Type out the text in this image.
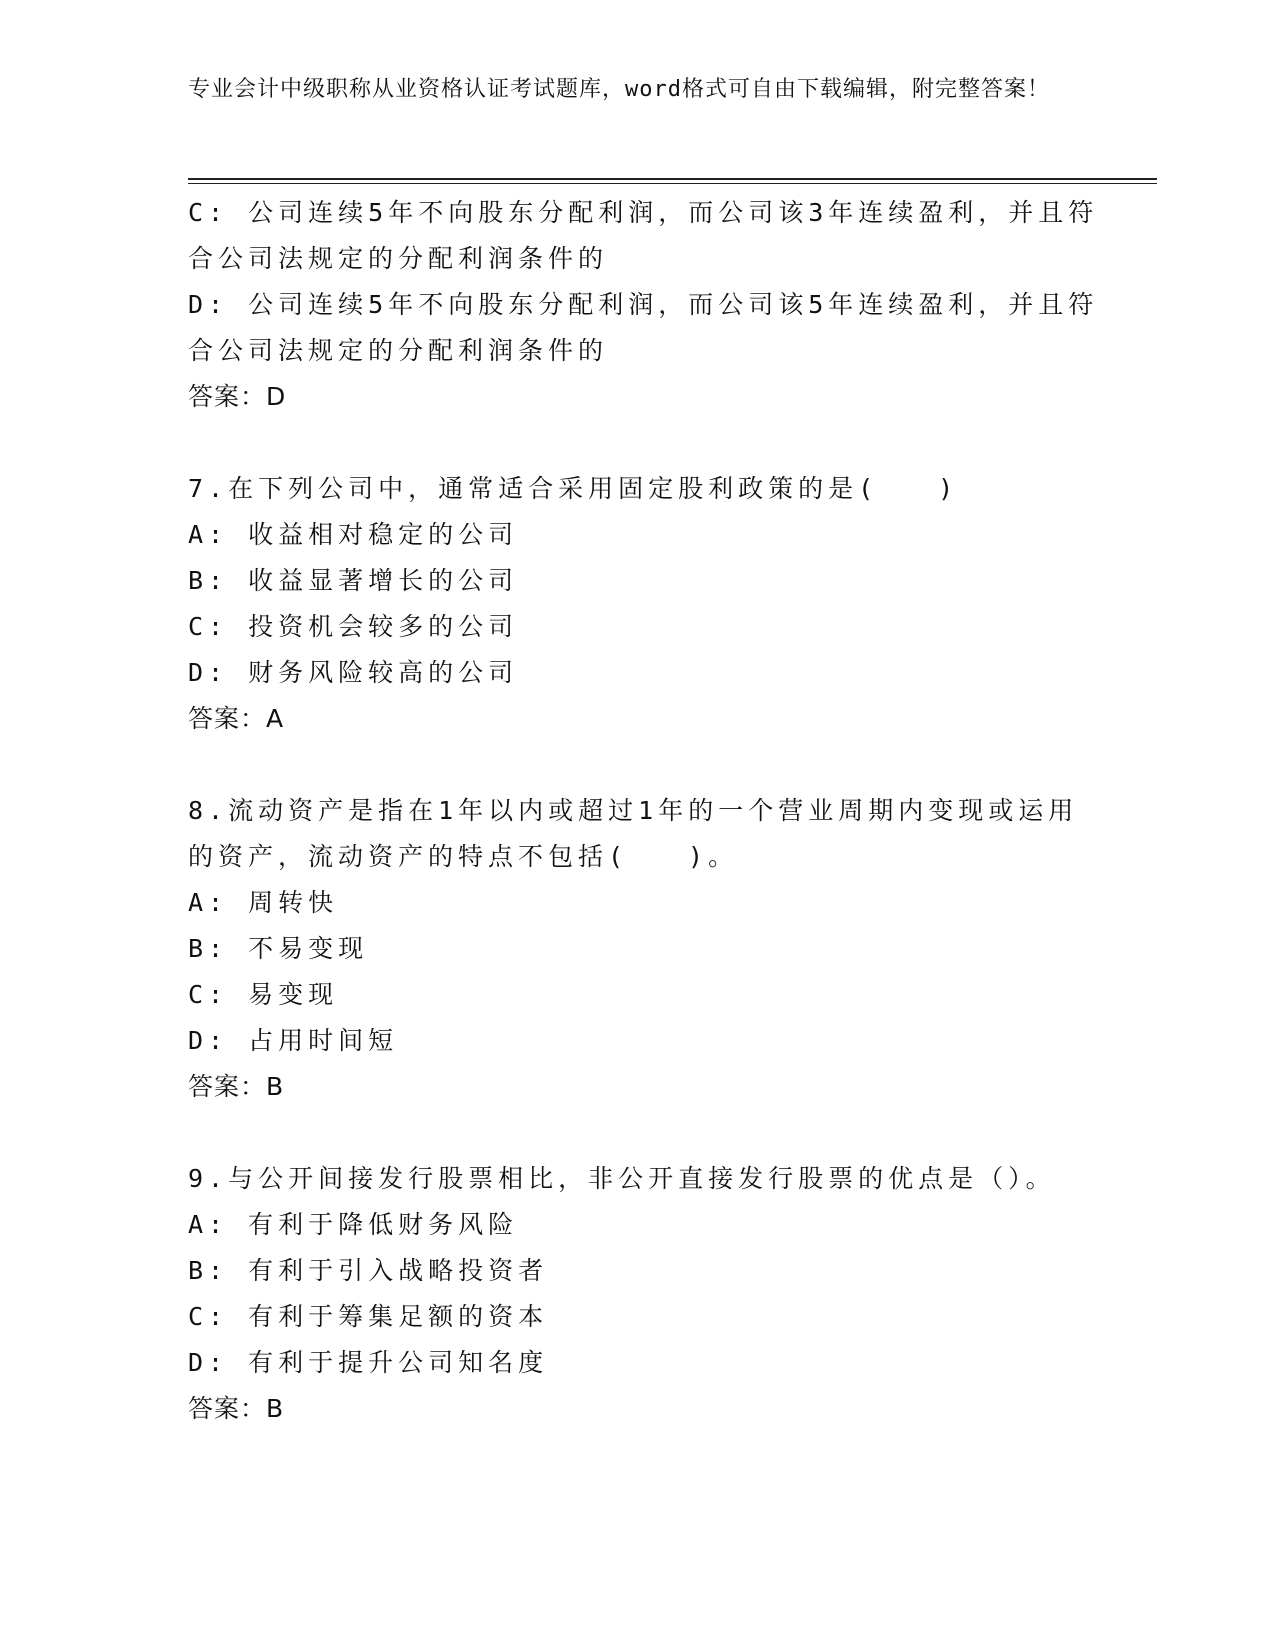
专业会计中级职称从业资格认证考试题库，word格式可自由下载编辑，附完整答案！
C: 公司连续5年不向股东分配利润，而公司该3年连续盈利，并且符
合公司法规定的分配利润条件的
D: 公司连续5年不向股东分配利润，而公司该5年连续盈利，并且符
合公司法规定的分配利润条件的
答案：D
7.在下列公司中，通常适合采用固定股利政策的是(　　)
A: 收益相对稳定的公司
B: 收益显著增长的公司
C: 投资机会较多的公司
D: 财务风险较高的公司
答案：A
8.流动资产是指在1年以内或超过1年的一个营业周期内变现或运用
的资产，流动资产的特点不包括(　　)。
A: 周转快
B: 不易变现
C: 易变现
D: 占用时间短
答案：B
9.与公开间接发行股票相比，非公开直接发行股票的优点是（）。
A: 有利于降低财务风险
B: 有利于引入战略投资者
C: 有利于筹集足额的资本
D: 有利于提升公司知名度
答案：B
